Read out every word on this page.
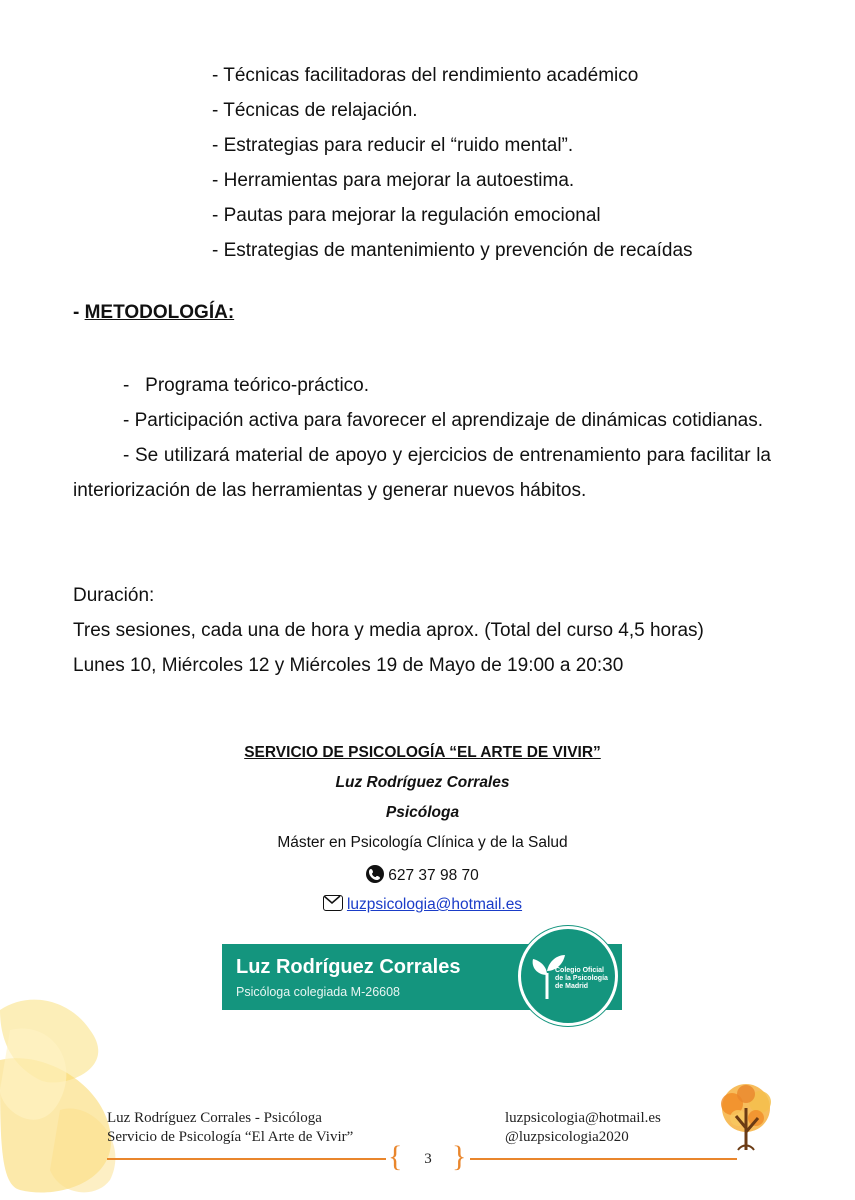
- Técnicas facilitadoras del rendimiento académico
- Técnicas de relajación.
- Estrategias para reducir el “ruido mental”.
- Herramientas para mejorar la autoestima.
- Pautas para mejorar la regulación emocional
- Estrategias de mantenimiento y prevención de recaídas
- METODOLOGÍA:

-   Programa teórico-práctico.

- Participación activa para favorecer el aprendizaje de dinámicas cotidianas.

- Se utilizará material de apoyo y ejercicios de entrenamiento para facilitar la interiorización de las herramientas y generar nuevos hábitos.

Duración:
Tres sesiones, cada una de hora y media aprox. (Total del curso 4,5 horas)
Lunes 10, Miércoles 12 y Miércoles 19 de Mayo de 19:00 a 20:30
SERVICIO DE PSICOLOGÍA “EL ARTE DE VIVIR”
Luz Rodríguez Corrales
Psicóloga
Máster en Psicología Clínica y de la Salud
627 37 98 70
luzpsicologia@hotmail.es
Luz Rodríguez Corrales
Psicóloga colegiada M-26608
Colegio Oficial de la Psicología de Madrid
Luz Rodríguez Corrales - Psicóloga
Servicio de Psicología “El Arte de Vivir”
luzpsicologia@hotmail.es
@luzpsicologia2020
{ }
3
